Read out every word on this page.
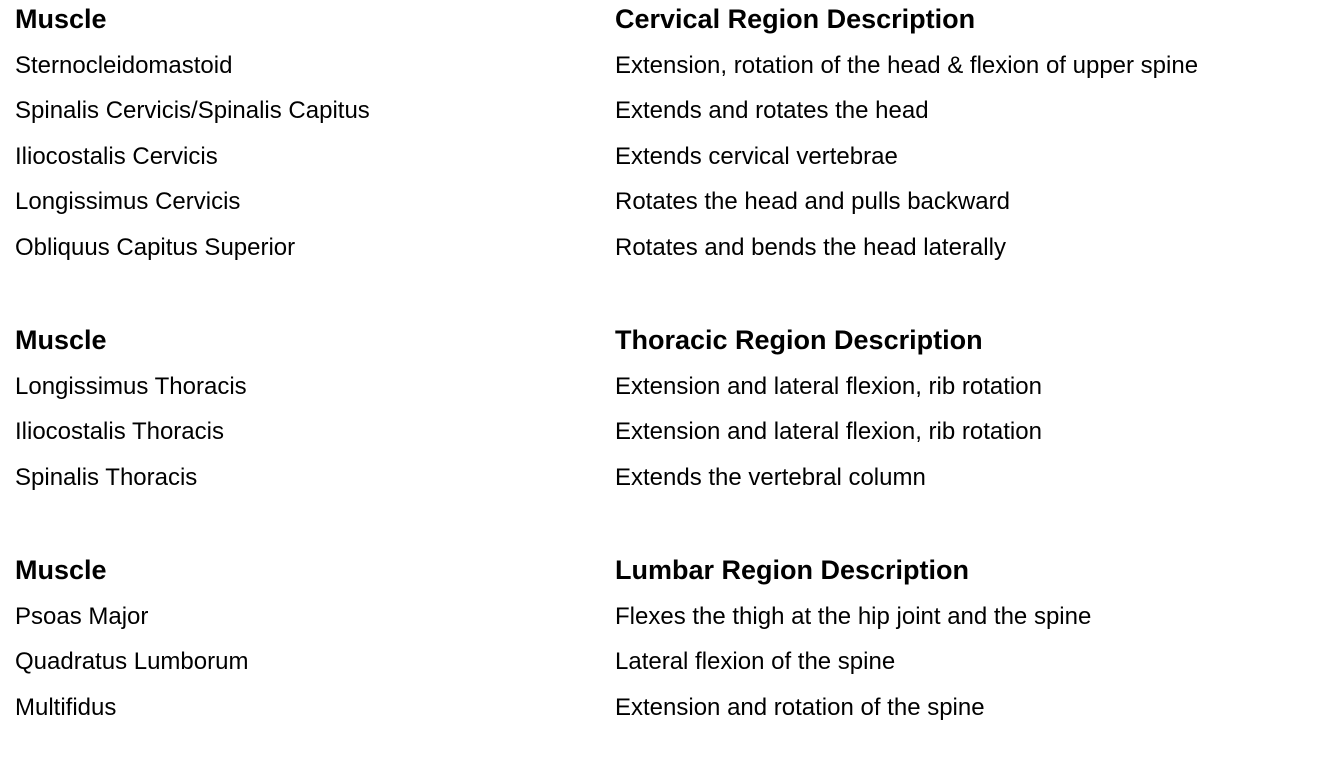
Muscle	Cervical Region Description
Sternocleidomastoid	Extension, rotation of the head & flexion of upper spine
Spinalis Cervicis/Spinalis Capitus	Extends and rotates the head
Iliocostalis Cervicis	Extends cervical vertebrae
Longissimus Cervicis	Rotates the head and pulls backward
Obliquus Capitus Superior	Rotates and bends the head laterally
Muscle	Thoracic Region Description
Longissimus Thoracis	Extension and lateral flexion, rib rotation
Iliocostalis Thoracis	Extension and lateral flexion, rib rotation
Spinalis Thoracis	Extends the vertebral column
Muscle	Lumbar Region Description
Psoas Major	Flexes the thigh at the hip joint and the spine
Quadratus Lumborum	Lateral flexion of the spine
Multifidus	Extension and rotation of the spine
